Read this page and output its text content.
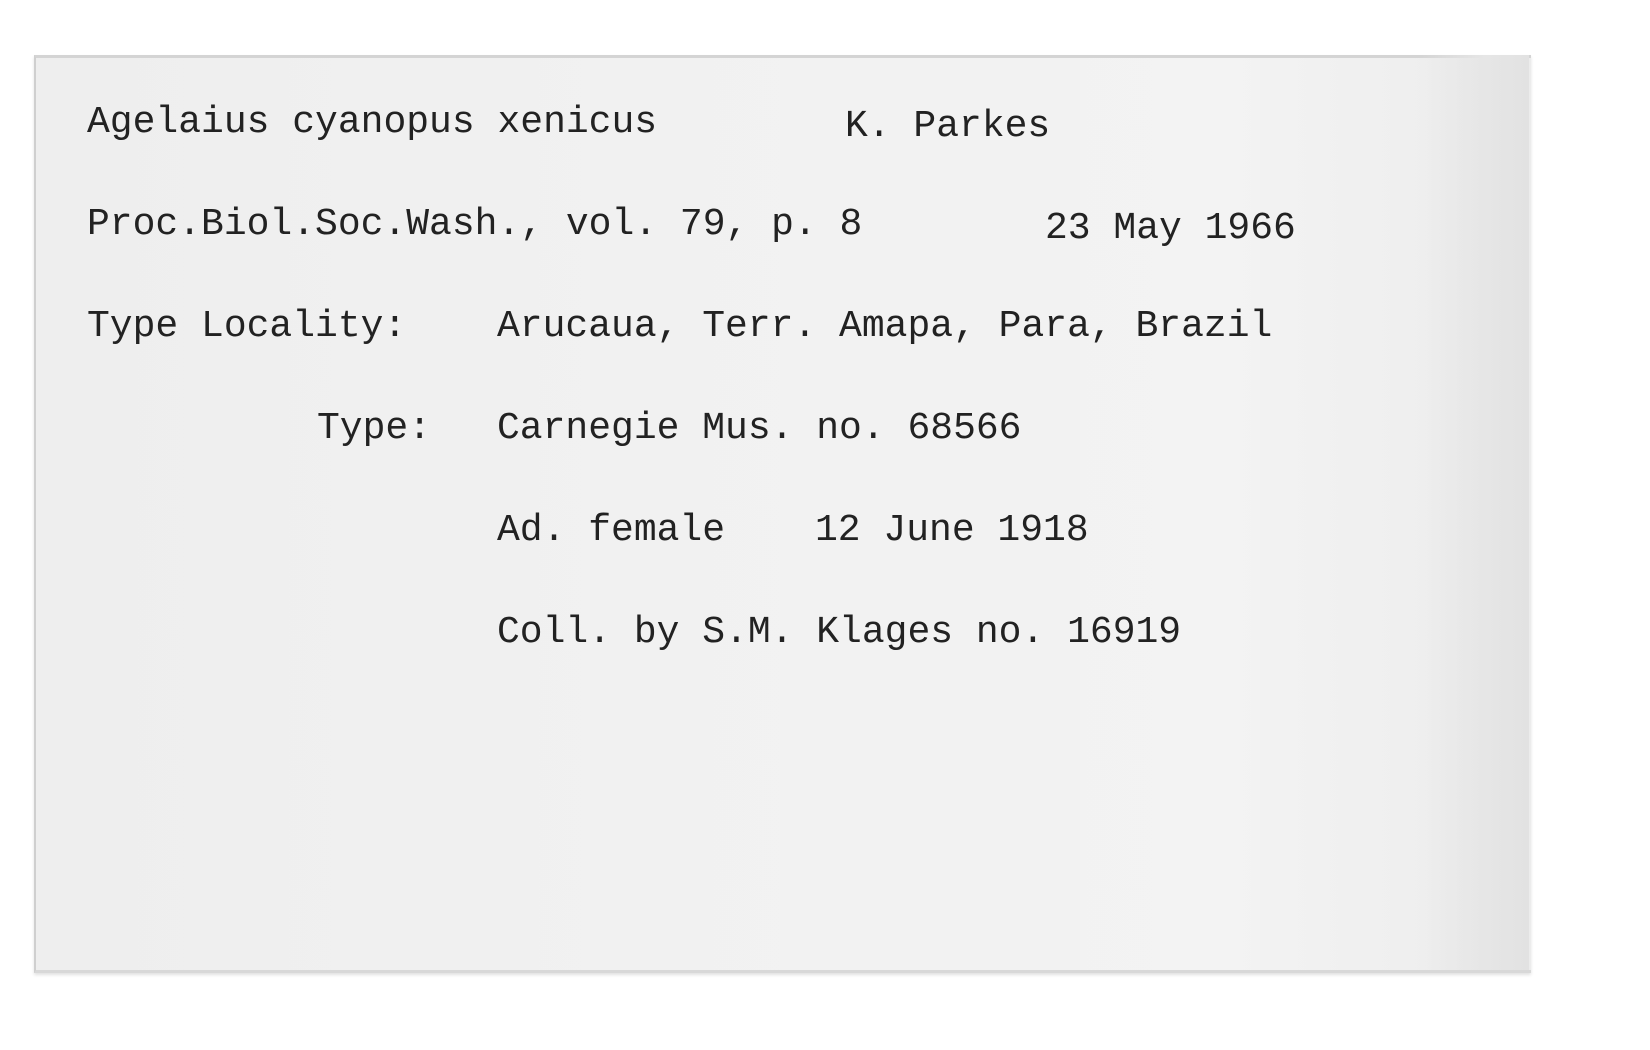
Agelaius cyanopus xenicus	K. Parkes
Proc.Biol.Soc.Wash., vol. 79, p. 8	23 May 1966
Type Locality: Arucaua, Terr. Amapa, Para, Brazil
Type: Carnegie Mus. no. 68566
Ad. female 12 June 1918
Coll. by S.M. Klages no. 16919
